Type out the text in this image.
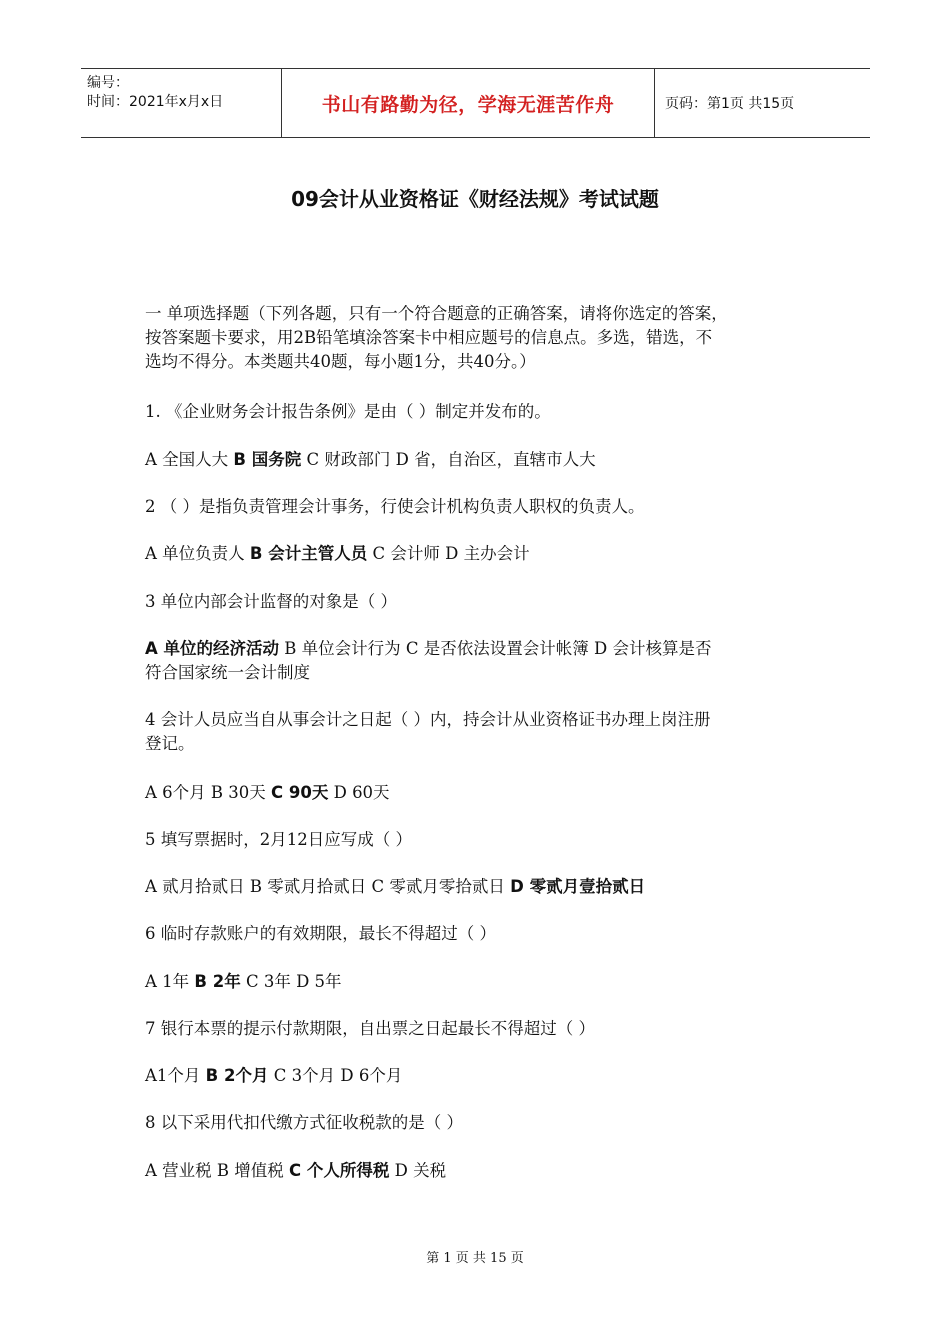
编号：
时间：2021年x月x日	书山有路勤为径，学海无涯苦作舟	页码：第1页 共15页
09会计从业资格证《财经法规》考试试题
一 单项选择题（下列各题，只有一个符合题意的正确答案，请将你选定的答案，
按答案题卡要求，用2B铅笔填涂答案卡中相应题号的信息点。多选，错选，不
选均不得分。本类题共40题，每小题1分，共40分。）
1. 《企业财务会计报告条例》是由（ ）制定并发布的。
A 全国人大 B 国务院 C 财政部门 D 省，自治区，直辖市人大
2 （ ）是指负责管理会计事务，行使会计机构负责人职权的负责人。
A 单位负责人 B 会计主管人员 C 会计师 D 主办会计
3 单位内部会计监督的对象是（ ）
A 单位的经济活动 B 单位会计行为 C 是否依法设置会计帐簿 D 会计核算是否
符合国家统一会计制度
4 会计人员应当自从事会计之日起（ ）内，持会计从业资格证书办理上岗注册
登记。
A 6个月 B 30天 C 90天 D 60天
5 填写票据时，2月12日应写成（ ）
A 贰月拾贰日 B 零贰月拾贰日 C 零贰月零拾贰日 D 零贰月壹拾贰日
6 临时存款账户的有效期限，最长不得超过（ ）
A 1年 B 2年 C 3年 D 5年
7 银行本票的提示付款期限，自出票之日起最长不得超过（ ）
A1个月 B 2个月 C 3个月 D 6个月
8 以下采用代扣代缴方式征收税款的是（ ）
A 营业税 B 增值税 C 个人所得税 D 关税
第 1 页 共 15 页
